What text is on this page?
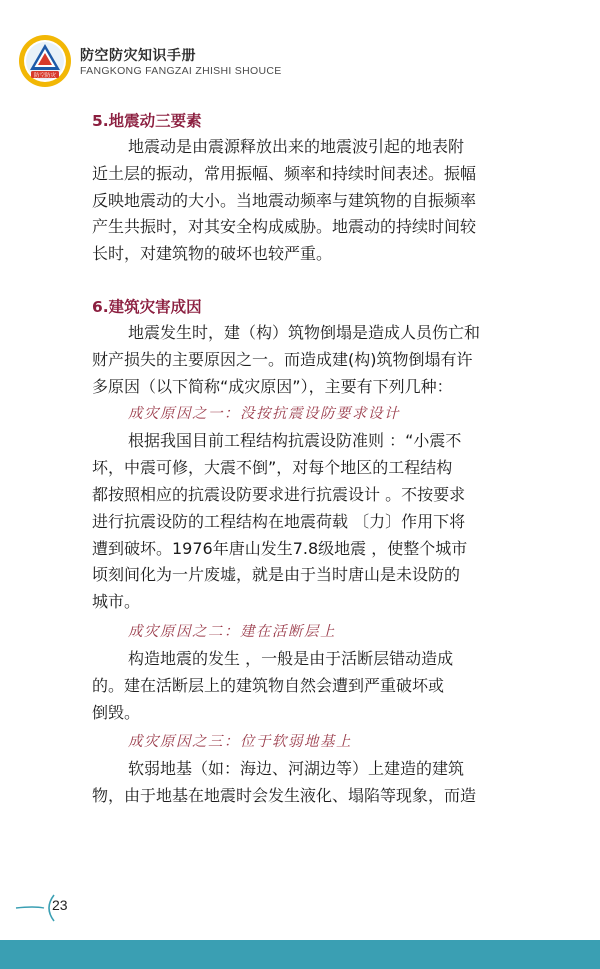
防空防灾
防空防灾知识手册
FANGKONG FANGZAI ZHISHI SHOUCE
5.地震动三要素
地震动是由震源释放出来的地震波引起的地表附
近土层的振动，常用振幅、频率和持续时间表述。振幅
反映地震动的大小。当地震动频率与建筑物的自振频率
产生共振时，对其安全构成威胁。地震动的持续时间较
长时，对建筑物的破坏也较严重。
6.建筑灾害成因
地震发生时，建（构）筑物倒塌是造成人员伤亡和
财产损失的主要原因之一。而造成建(构)筑物倒塌有许
多原因（以下简称“成灾原因”），主要有下列几种：
成灾原因之一：没按抗震设防要求设计
根据我国目前工程结构抗震设防准则 ：“小震不
坏，中震可修，大震不倒”，对每个地区的工程结构
都按照相应的抗震设防要求进行抗震设计 。不按要求
进行抗震设防的工程结构在地震荷载 〔力〕作用下将
遭到破坏。1976年唐山发生7.8级地震 ，使整个城市
顷刻间化为一片废墟，就是由于当时唐山是未设防的
城市。
成灾原因之二：建在活断层上
构造地震的发生 ，一般是由于活断层错动造成
的。建在活断层上的建筑物自然会遭到严重破坏或
倒毁。
成灾原因之三：位于软弱地基上
软弱地基（如：海边、河湖边等）上建造的建筑
物，由于地基在地震时会发生液化、塌陷等现象，而造
23
